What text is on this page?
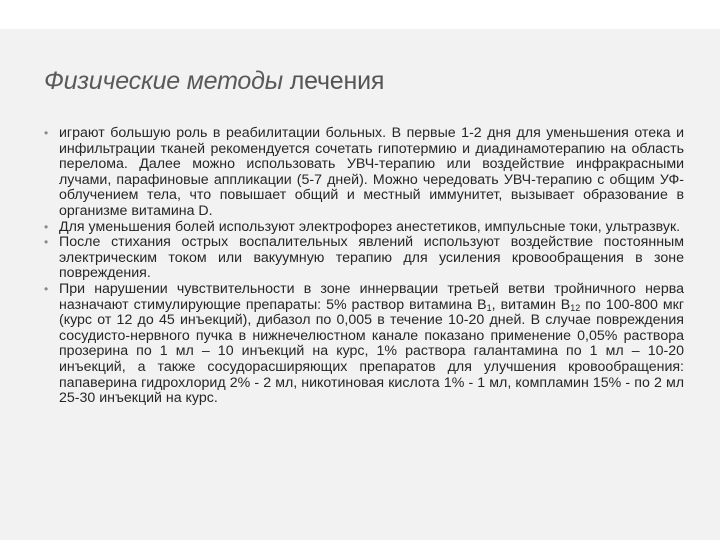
Физические методы лечения
• играют большую роль в реабилитации больных. В первые 1-2 дня для уменьшения отека и инфильтрации тканей рекомендуется сочетать гипотермию и диадинамотерапию на область перелома. Далее можно использовать УВЧ-терапию или воздействие инфракрасными лучами, парафиновые аппликации (5-7 дней). Можно чередовать УВЧ-терапию с общим УФ-облучением тела, что повышает общий и местный иммунитет, вызывает образование в организме витамина D.
• Для уменьшения болей используют электрофорез анестетиков, импульсные токи, ультразвук.
• После стихания острых воспалительных явлений используют воздействие постоянным электрическим током или вакуумную терапию для усиления кровообращения в зоне повреждения.
• При нарушении чувствительности в зоне иннервации третьей ветви тройничного нерва назначают стимулирующие препараты: 5% раствор витамина $B_1$, витамин $B_{12}$ по 100-800 мкг (курс от 12 до 45 инъекций), дибазол по 0,005 в течение 10-20 дней. В случае повреждения сосудисто-нервного пучка в нижнечелюстном канале показано применение 0,05% раствора прозерина по 1 мл – 10 инъекций на курс, 1% раствора галантамина по 1 мл – 10-20 инъекций, а также сосудорасширяющих препаратов для улучшения кровообращения: папаверина гидрохлорид 2% - 2 мл, никотиновая кислота 1% - 1 мл, компламин 15% - по 2 мл 25-30 инъекций на курс.
